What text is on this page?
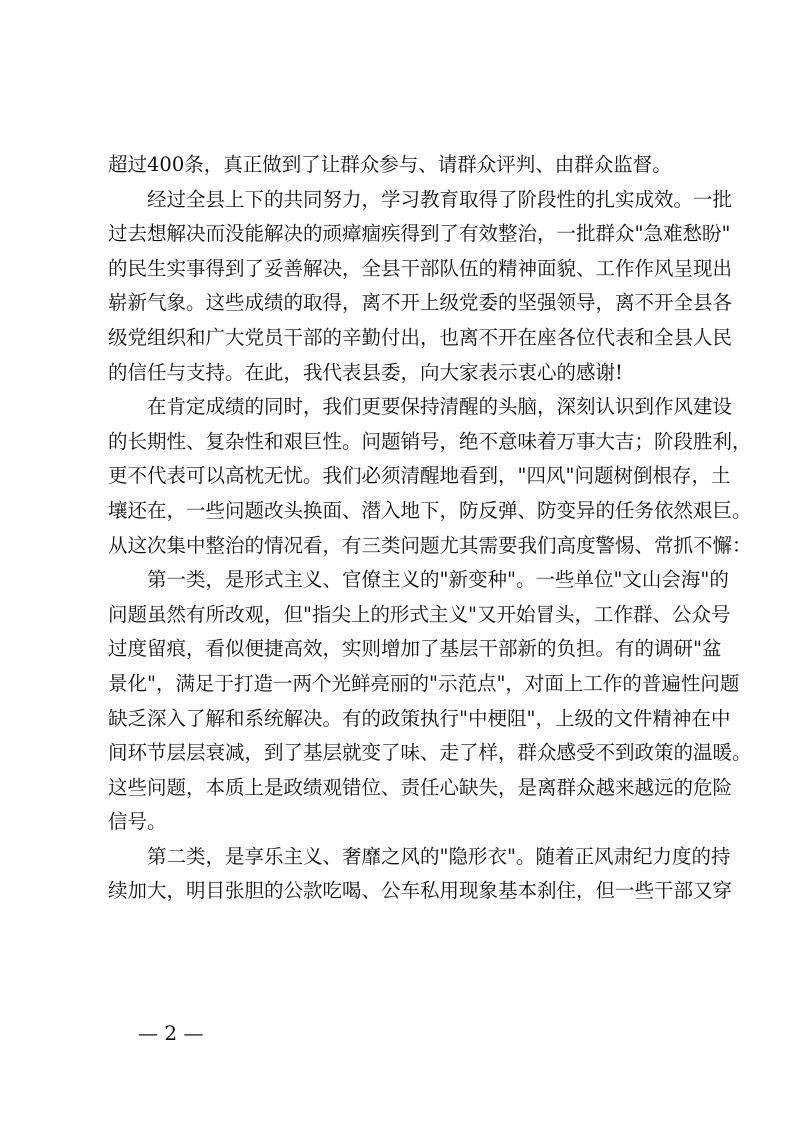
超过400条，真正做到了让群众参与、请群众评判、由群众监督。
　　经过全县上下的共同努力，学习教育取得了阶段性的扎实成效。一批
过去想解决而没能解决的顽瘴痼疾得到了有效整治，一批群众"急难愁盼"
的民生实事得到了妥善解决，全县干部队伍的精神面貌、工作作风呈现出
崭新气象。这些成绩的取得，离不开上级党委的坚强领导，离不开全县各
级党组织和广大党员干部的辛勤付出，也离不开在座各位代表和全县人民
的信任与支持。在此，我代表县委，向大家表示衷心的感谢!
　　在肯定成绩的同时，我们更要保持清醒的头脑，深刻认识到作风建设
的长期性、复杂性和艰巨性。问题销号，绝不意味着万事大吉；阶段胜利，
更不代表可以高枕无忧。我们必须清醒地看到，"四风"问题树倒根存，土
壤还在，一些问题改头换面、潜入地下，防反弹、防变异的任务依然艰巨。
从这次集中整治的情况看，有三类问题尤其需要我们高度警惕、常抓不懈：
　　第一类，是形式主义、官僚主义的"新变种"。一些单位"文山会海"的
问题虽然有所改观，但"指尖上的形式主义"又开始冒头，工作群、公众号
过度留痕，看似便捷高效，实则增加了基层干部新的负担。有的调研"盆
景化"，满足于打造一两个光鲜亮丽的"示范点"，对面上工作的普遍性问题
缺乏深入了解和系统解决。有的政策执行"中梗阻"，上级的文件精神在中
间环节层层衰减，到了基层就变了味、走了样，群众感受不到政策的温暖。
这些问题，本质上是政绩观错位、责任心缺失，是离群众越来越远的危险
信号。
　　第二类，是享乐主义、奢靡之风的"隐形衣"。随着正风肃纪力度的持
续加大，明目张胆的公款吃喝、公车私用现象基本刹住，但一些干部又穿
— 2 —
